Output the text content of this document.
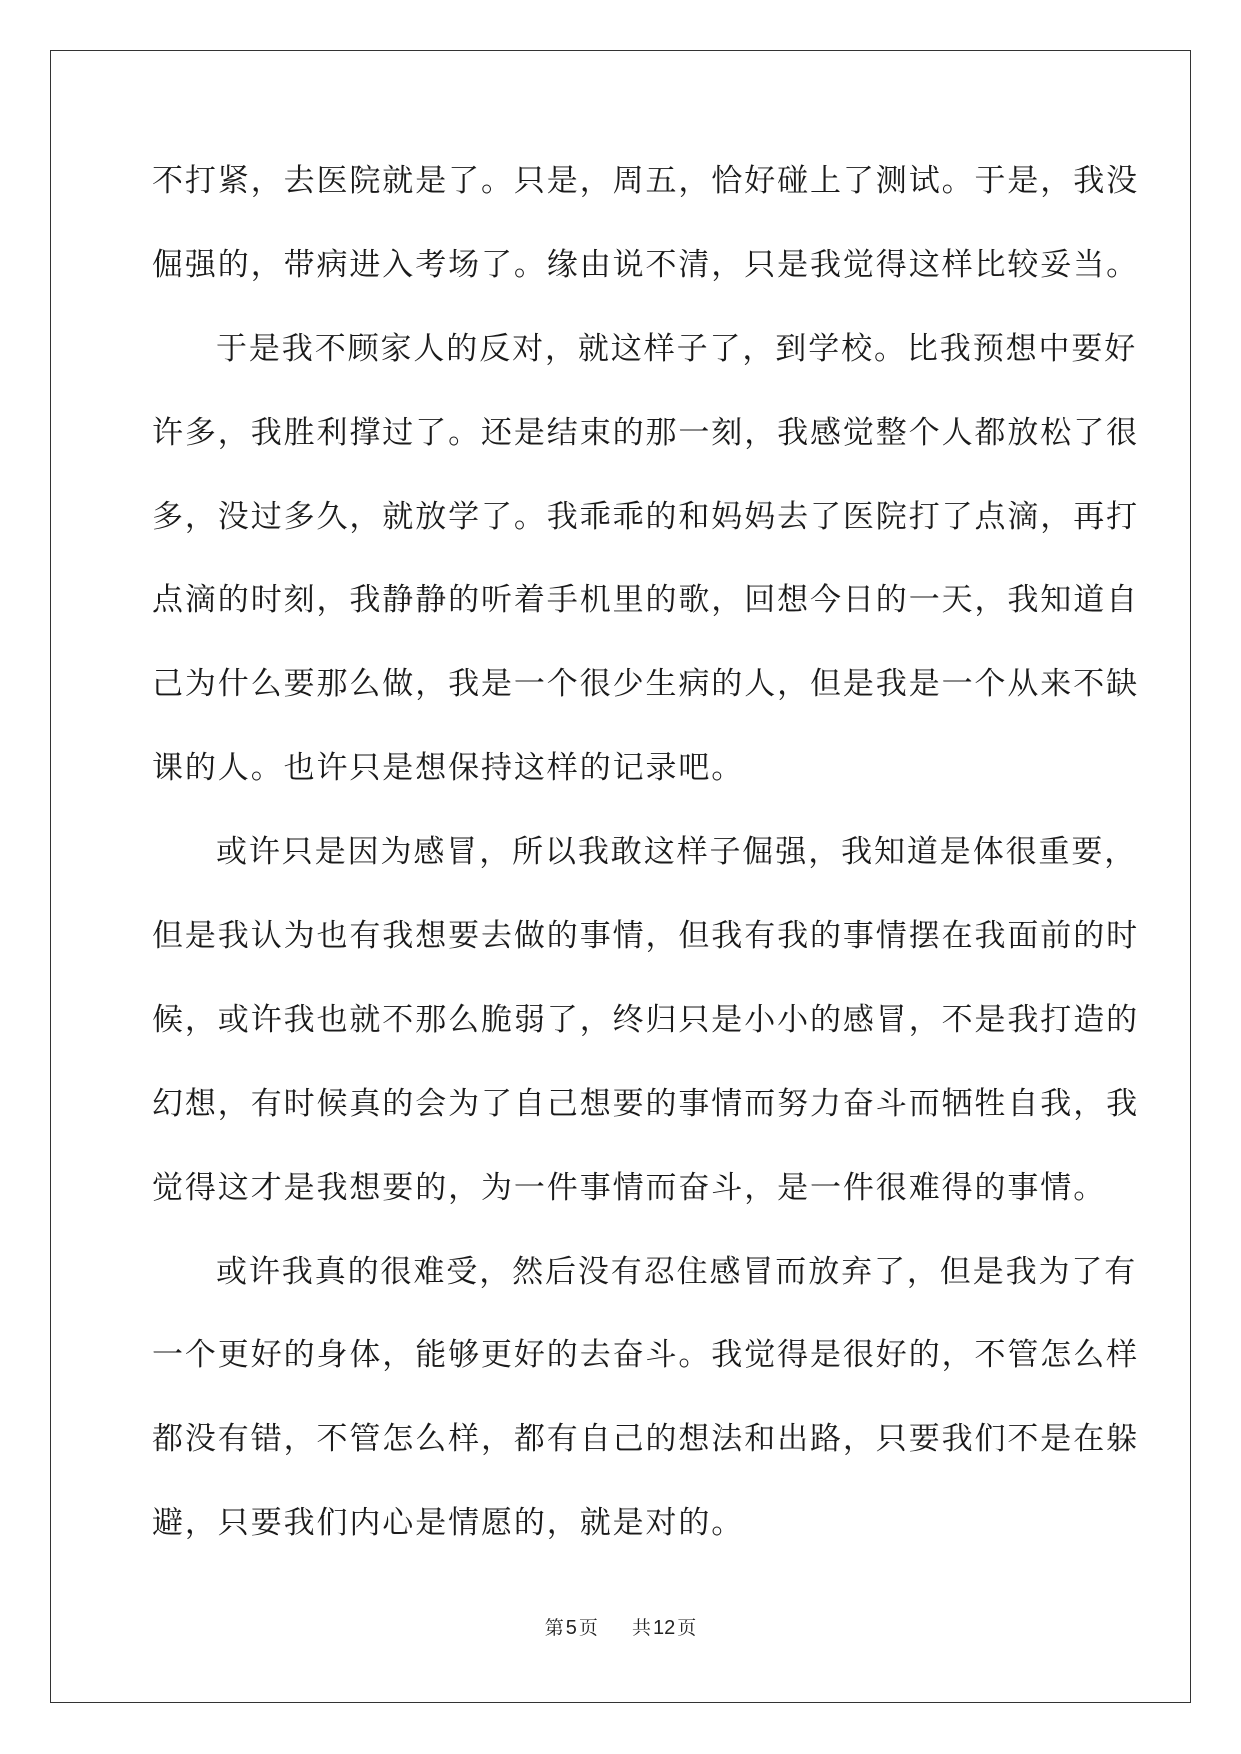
不打紧，去医院就是了。只是，周五，恰好碰上了测试。于是，我没

倔强的，带病进入考场了。缘由说不清，只是我觉得这样比较妥当。

于是我不顾家人的反对，就这样子了，到学校。比我预想中要好

许多，我胜利撑过了。还是结束的那一刻，我感觉整个人都放松了很

多，没过多久，就放学了。我乖乖的和妈妈去了医院打了点滴，再打

点滴的时刻，我静静的听着手机里的歌，回想今日的一天，我知道自

己为什么要那么做，我是一个很少生病的人，但是我是一个从来不缺

课的人。也许只是想保持这样的记录吧。

或许只是因为感冒，所以我敢这样子倔强，我知道是体很重要，

但是我认为也有我想要去做的事情，但我有我的事情摆在我面前的时

候，或许我也就不那么脆弱了，终归只是小小的感冒，不是我打造的

幻想，有时候真的会为了自己想要的事情而努力奋斗而牺牲自我，我

觉得这才是我想要的，为一件事情而奋斗，是一件很难得的事情。

或许我真的很难受，然后没有忍住感冒而放弃了，但是我为了有

一个更好的身体，能够更好的去奋斗。我觉得是很好的，不管怎么样

都没有错，不管怎么样，都有自己的想法和出路，只要我们不是在躲

避，只要我们内心是情愿的，就是对的。

第 5 页 共 12 页
